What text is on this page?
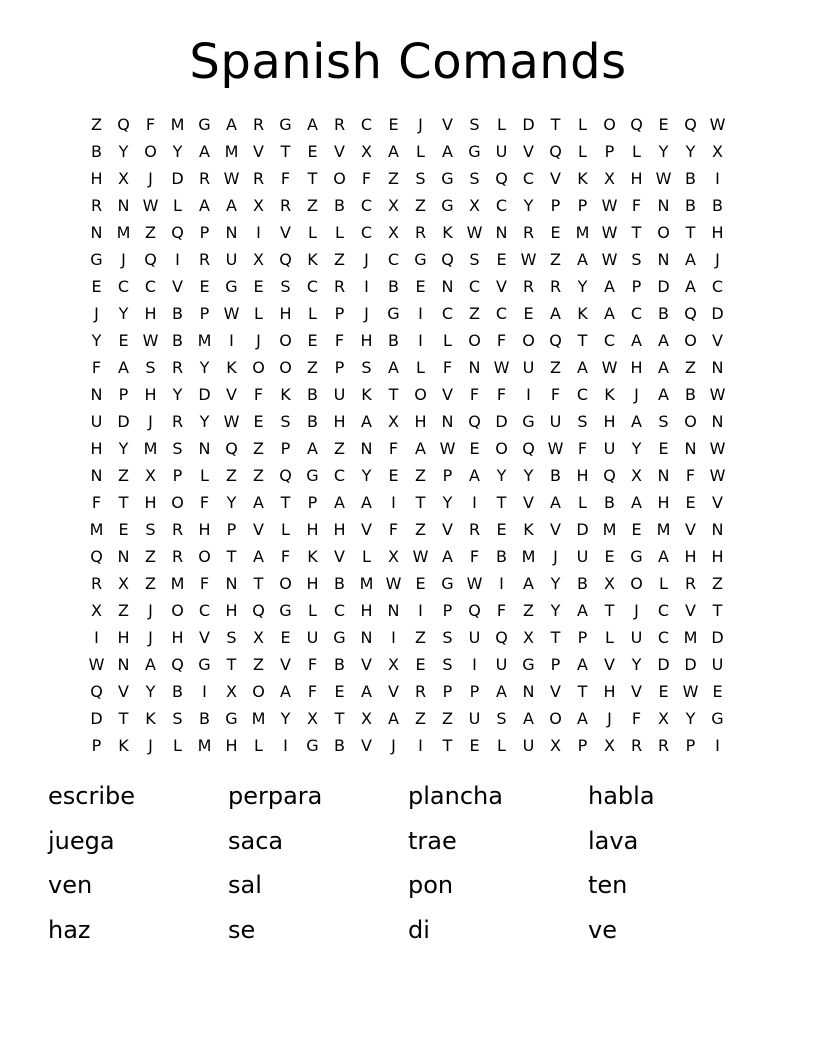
Spanish Comands
Z Q	F M G A R G A R C	E	J	V	S	L	D T	L	O Q E Q W
B	Y O Y	A M V	T	E	V	X	A	L	A G U V Q	L	P	L	Y	Y	X
H X	J	D R W R	F	T O	F	Z	S G S Q C V	K	X H W B	I
R N W L	A	A	X R Z	B C X	Z G X C	Y	P	P W F	N B	B
N M Z Q P	N	I	V	L	L	C X R	K W N R	E M W T O T	H
G	J	Q	I	R U X Q K	Z	J	C G Q S	E W Z	A W S N A	J
E	C C V	E G E	S	C R	I	B	E N C V R R	Y	A	P	D A C
J	Y	H B	P W L	H	L	P	J	G	I	C Z C	E	A	K	A C B Q D
Y	E W B M	I	J	O E	F	H B	I	L	O	F	O Q T	C A	A O V
F	A	S	R	Y	K O O Z	P	S	A	L	F	N W U Z	A W H A	Z N
N	P	H	Y D V	F	K	B U K	T O V	F	F	I	F	C	K	J	A	B W
U D	J	R	Y W E	S	B H A	X H N Q D G U	S H A	S O N
H	Y M S N Q Z	P	A	Z N	F	A W E O Q W F	U	Y	E N W
N Z	X	P	L	Z	Z Q G C	Y	E	Z	P	A	Y	Y	B H Q X N	F W
F	T	H O	F	Y	A	T	P	A	A	I	T	Y	I	T	V	A	L	B	A H E	V
M E	S	R H	P	V	L	H H V	F	Z	V R	E	K	V D M E M V N
Q N Z R O T	A	F	K	V	L	X W A	F	B M	J	U	E G A H H
R X	Z M F	N	T O H B M W E G W	I	A	Y	B	X O	L	R Z
X	Z	J	O C H Q G	L	C H N	I	P Q	F	Z	Y	A	T	J	C V	T
I	H	J	H V	S	X	E	U G N	I	Z	S	U Q X	T	P	L	U C M D
W N A Q G T	Z	V	F	B	V	X	E	S	I	U G P	A	V	Y D D U
Q V	Y	B	I	X O A	F	E	A	V R	P	P	A N V	T	H V	E W E
D T	K	S	B G M Y	X	T	X	A	Z	Z U	S	A O A	J	F	X	Y G
P	K	J	L M H	L	I	G B	V	J	I	T	E	L	U X	P	X R R	P	I
escribe	perpara	plancha	habla
juega	saca	trae	lava
ven	sal	pon	ten
haz	se	di	ve
